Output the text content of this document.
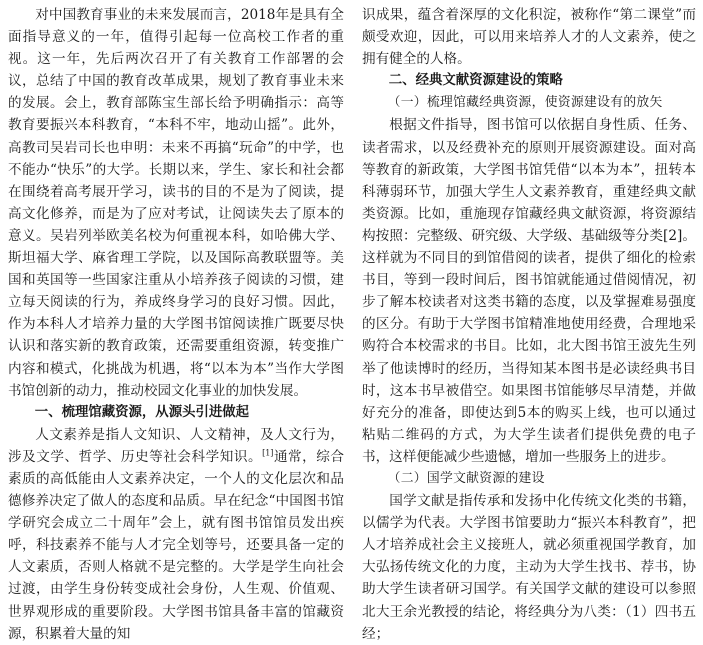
对中国教育事业的未来发展而言，2018年是具有全面指导意义的一年，值得引起每一位高校工作者的重视。这一年，先后两次召开了有关教育工作部署的会议，总结了中国的教育改革成果，规划了教育事业未来的发展。会上，教育部陈宝生部长给予明确指示：高等教育要振兴本科教育，“本科不牢，地动山摇”。此外，高教司吴岩司长也申明：未来不再搞“玩命”的中学，也不能办“快乐”的大学。长期以来，学生、家长和社会都在围绕着高考展开学习，读书的目的不是为了阅读，提高文化修养，而是为了应对考试，让阅读失去了原本的意义。吴岩列举欧美名校为何重视本科，如哈佛大学、斯坦福大学、麻省理工学院，以及国际高教联盟等。美国和英国等一些国家注重从小培养孩子阅读的习惯，建立每天阅读的行为，养成终身学习的良好习惯。因此，作为本科人才培养力量的大学图书馆阅读推广既要尽快认识和落实新的教育政策，还需要重组资源，转变推广内容和模式，化挑战为机遇，将“以本为本”当作大学图书馆创新的动力，推动校园文化事业的加快发展。

一、梳理馆藏资源，从源头引进做起

人文素养是指人文知识、人文精神，及人文行为，涉及文学、哲学、历史等社会科学知识。[1]通常，综合素质的高低能由人文素养决定，一个人的文化层次和品德修养决定了做人的态度和品质。早在纪念“中国图书馆学研究会成立二十周年”会上，就有图书馆馆员发出疾呼，科技素养不能与人才完全划等号，还要具备一定的人文素质，否则人格就不是完整的。大学是学生向社会过渡，由学生身份转变成社会身份，人生观、价值观、世界观形成的重要阶段。大学图书馆具备丰富的馆藏资源，积累着大量的知

识成果，蕴含着深厚的文化积淀，被称作“第二课堂”而颇受欢迎，因此，可以用来培养人才的人文素养，使之拥有健全的人格。

二、经典文献资源建设的策略

（一）梳理馆藏经典资源，使资源建设有的放矢

根据文件指导，图书馆可以依据自身性质、任务、读者需求，以及经费补充的原则开展资源建设。面对高等教育的新政策，大学图书馆凭借“以本为本”，扭转本科薄弱环节，加强大学生人文素养教育，重建经典文献类资源。比如，重施现存馆藏经典文献资源，将资源结构按照：完整级、研究级、大学级、基础级等分类[2]。这样就为不同目的到馆借阅的读者，提供了细化的检索书目，等到一段时间后，图书馆就能通过借阅情况，初步了解本校读者对这类书籍的态度，以及掌握难易强度的区分。有助于大学图书馆精准地使用经费，合理地采购符合本校需求的书目。比如，北大图书馆王波先生列举了他读博时的经历，当得知某本图书是必读经典书目时，这本书早被借空。如果图书馆能够尽早清楚，并做好充分的准备，即使达到5本的购买上线，也可以通过粘贴二维码的方式，为大学生读者们提供免费的电子书，这样便能减少些遗憾，增加一些服务上的进步。

（二）国学文献资源的建设

国学文献是指传承和发扬中化传统文化类的书籍，以儒学为代表。大学图书馆要助力“振兴本科教育”，把人才培养成社会主义接班人，就必须重视国学教育，加大弘扬传统文化的力度，主动为大学生找书、荐书，协助大学生读者研习国学。有关国学文献的建设可以参照北大王余光教授的结论，将经典分为八类：（1）四书五经；
